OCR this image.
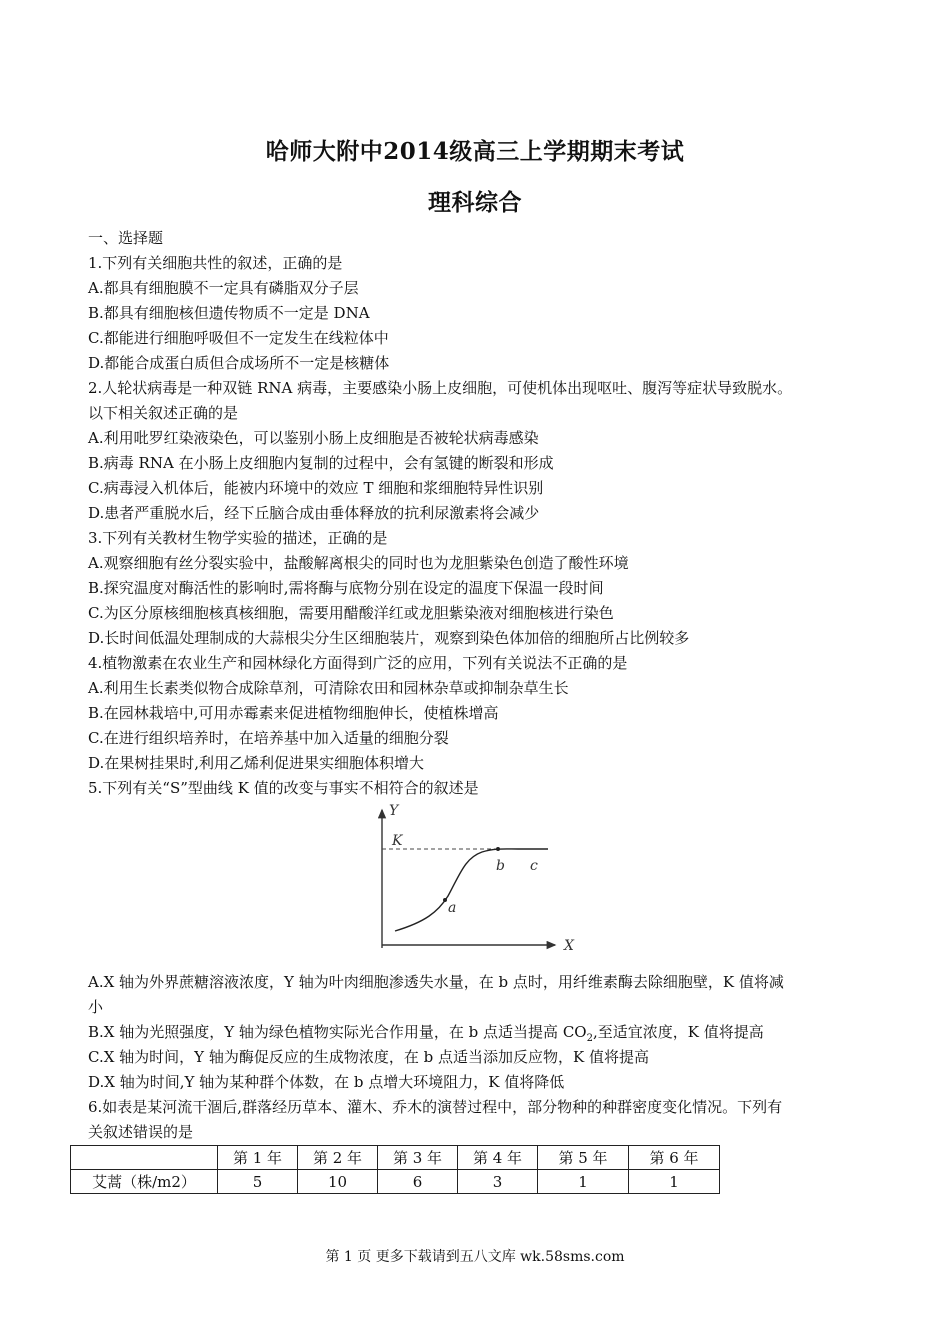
哈师大附中2014级高三上学期期末考试
理科综合
一、选择题
1.下列有关细胞共性的叙述，正确的是
A.都具有细胞膜不一定具有磷脂双分子层
B.都具有细胞核但遗传物质不一定是 DNA
C.都能进行细胞呼吸但不一定发生在线粒体中
D.都能合成蛋白质但合成场所不一定是核糖体
2.人轮状病毒是一种双链 RNA 病毒，主要感染小肠上皮细胞，可使机体出现呕吐、腹泻等症状导致脱水。
以下相关叙述正确的是
A.利用吡罗红染液染色，可以鉴别小肠上皮细胞是否被轮状病毒感染
B.病毒 RNA 在小肠上皮细胞内复制的过程中，会有氢键的断裂和形成
C.病毒浸入机体后，能被内环境中的效应 T 细胞和浆细胞特异性识别
D.患者严重脱水后，经下丘脑合成由垂体释放的抗利尿激素将会减少
3.下列有关教材生物学实验的描述，正确的是
A.观察细胞有丝分裂实验中，盐酸解离根尖的同时也为龙胆紫染色创造了酸性环境
B.探究温度对酶活性的影响时,需将酶与底物分别在设定的温度下保温一段时间
C.为区分原核细胞核真核细胞，需要用醋酸洋红或龙胆紫染液对细胞核进行染色
D.长时间低温处理制成的大蒜根尖分生区细胞装片，观察到染色体加倍的细胞所占比例较多
4.植物激素在农业生产和园林绿化方面得到广泛的应用，下列有关说法不正确的是
A.利用生长素类似物合成除草剂，可清除农田和园林杂草或抑制杂草生长
B.在园林栽培中,可用赤霉素来促进植物细胞伸长，使植株增高
C.在进行组织培养时，在培养基中加入适量的细胞分裂
D.在果树挂果时,利用乙烯利促进果实细胞体积增大
5.下列有关“S”型曲线 K 值的改变与事实不相符合的叙述是
Y
X
K
a
b c
A.X 轴为外界蔗糖溶液浓度，Y 轴为叶肉细胞渗透失水量，在 b 点时，用纤维素酶去除细胞壁，K 值将减
小
B.X 轴为光照强度，Y 轴为绿色植物实际光合作用量，在 b 点适当提高 $CO_2$,至适宜浓度，K 值将提高
C.X 轴为时间，Y 轴为酶促反应的生成物浓度，在 b 点适当添加反应物，K 值将提高
D.X 轴为时间,Y 轴为某种群个体数，在 b 点增大环境阻力，K 值将降低
6.如表是某河流干涸后,群落经历草本、灌木、乔木的演替过程中，部分物种的种群密度变化情况。下列有
关叙述错误的是
	第 1 年	第 2 年	第 3 年	第 4 年	第 5 年	第 6 年
艾蒿（株/m2）	5	10	6	3	1	1
第 1 页 更多下载请到五八文库 wk.58sms.com
